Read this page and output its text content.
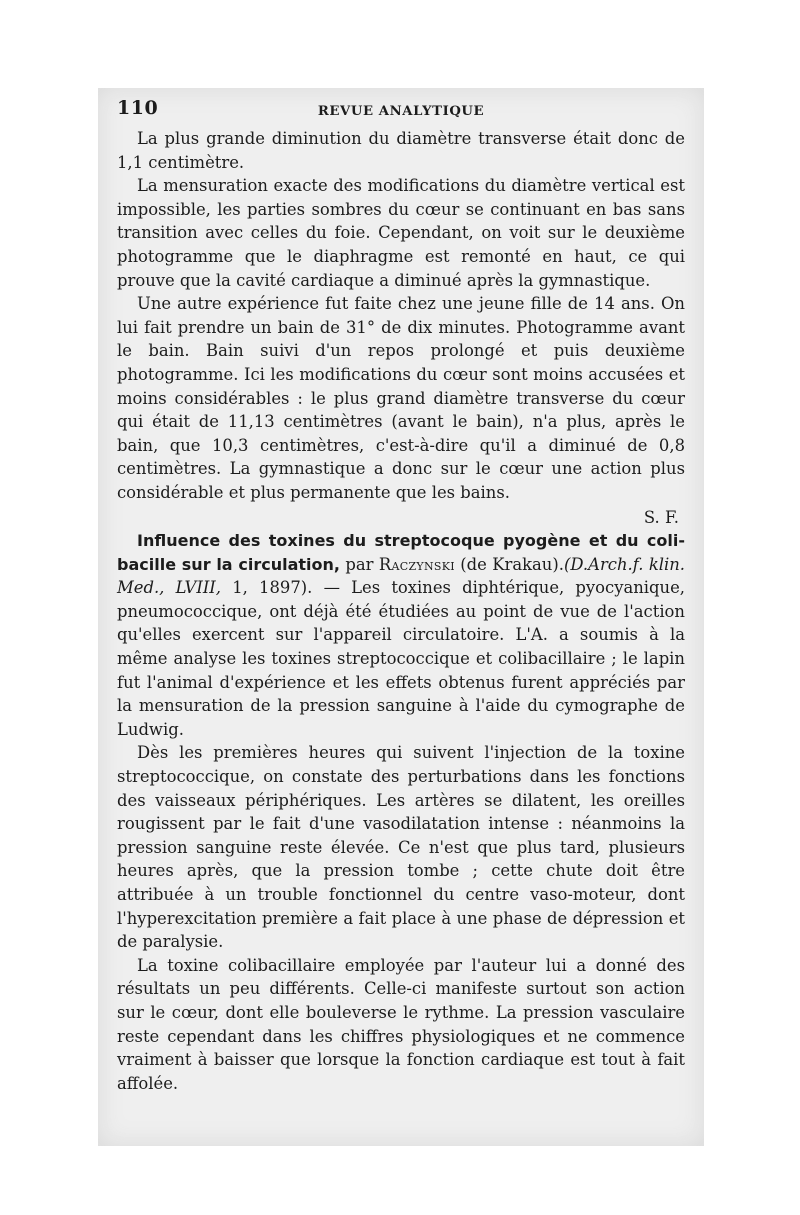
110	REVUE ANALYTIQUE

La plus grande diminution du diamètre transverse était donc de 1,1 centimètre.

La mensuration exacte des modifications du diamètre vertical est impossible, les parties sombres du cœur se continuant en bas sans transition avec celles du foie. Cependant, on voit sur le deuxième photogramme que le diaphragme est remonté en haut, ce qui prouve que la cavité cardiaque a diminué après la gymnastique.

Une autre expérience fut faite chez une jeune fille de 14 ans. On lui fait prendre un bain de 31° de dix minutes. Photogramme avant le bain. Bain suivi d'un repos prolongé et puis deuxième photogramme. Ici les modifications du cœur sont moins accusées et moins considérables : le plus grand diamètre transverse du cœur qui était de 11,13 centimètres (avant le bain), n'a plus, après le bain, que 10,3 centimètres, c'est-à-dire qu'il a diminué de 0,8 centimètres. La gymnastique a donc sur le cœur une action plus considérable et plus permanente que les bains.

S. F.

Influence des toxines du streptocoque pyogène et du coli-bacille sur la circulation, par Raczynski (de Krakau).(D.Arch.f. klin. Med., LVIII, 1, 1897). — Les toxines diphtérique, pyocyanique, pneumococcique, ont déjà été étudiées au point de vue de l'action qu'elles exercent sur l'appareil circulatoire. L'A. a soumis à la même analyse les toxines streptococcique et colibacillaire ; le lapin fut l'animal d'expérience et les effets obtenus furent appréciés par la mensuration de la pression sanguine à l'aide du cymographe de Ludwig.

Dès les premières heures qui suivent l'injection de la toxine streptococcique, on constate des perturbations dans les fonctions des vaisseaux périphériques. Les artères se dilatent, les oreilles rougissent par le fait d'une vasodilatation intense : néanmoins la pression sanguine reste élevée. Ce n'est que plus tard, plusieurs heures après, que la pression tombe ; cette chute doit être attribuée à un trouble fonctionnel du centre vaso-moteur, dont l'hyperexcitation première a fait place à une phase de dépression et de paralysie.

La toxine colibacillaire employée par l'auteur lui a donné des résultats un peu différents. Celle-ci manifeste surtout son action sur le cœur, dont elle bouleverse le rythme. La pression vasculaire reste cependant dans les chiffres physiologiques et ne commence vraiment à baisser que lorsque la fonction cardiaque est tout à fait affolée.
